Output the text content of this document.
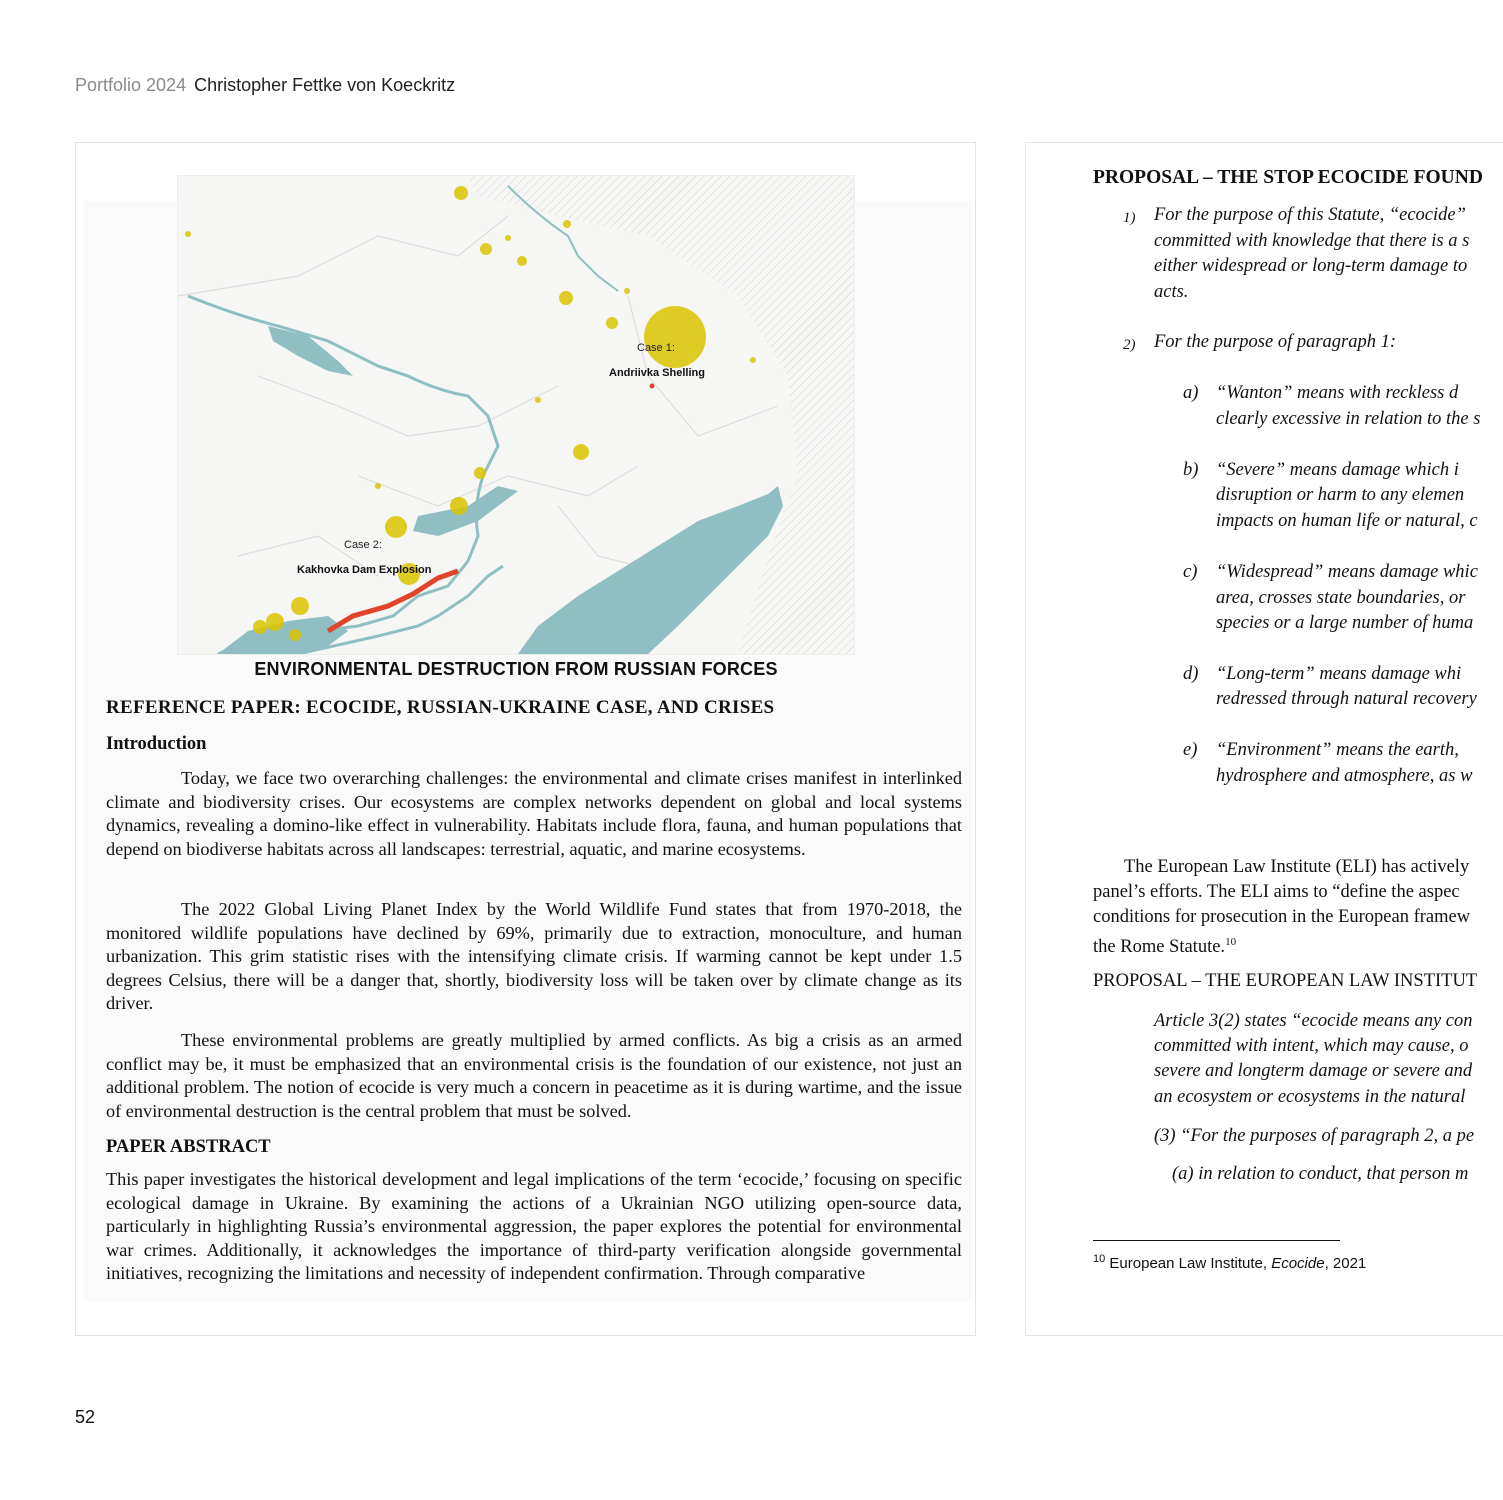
Portfolio 2024 Christopher Fettke von Koeckritz
Case 1:
Andriivka Shelling
Case 2:
Kakhovka Dam Explosion
ENVIRONMENTAL DESTRUCTION FROM RUSSIAN FORCES
REFERENCE PAPER: ECOCIDE, RUSSIAN-UKRAINE CASE, AND CRISES
Introduction

Today, we face two overarching challenges: the environmental and climate crises manifest in interlinked climate and biodiversity crises. Our ecosystems are complex networks dependent on global and local systems dynamics, revealing a domino-like effect in vulnerability. Habitats include flora, fauna, and human populations that depend on biodiverse habitats across all landscapes: terrestrial, aquatic, and marine ecosystems.

The 2022 Global Living Planet Index by the World Wildlife Fund states that from 1970-2018, the monitored wildlife populations have declined by 69%, primarily due to extraction, monoculture, and human urbanization. This grim statistic rises with the intensifying climate crisis. If warming cannot be kept under 1.5 degrees Celsius, there will be a danger that, shortly, biodiversity loss will be taken over by climate change as its driver.

These environmental problems are greatly multiplied by armed conflicts. As big a crisis as an armed conflict may be, it must be emphasized that an environmental crisis is the foundation of our existence, not just an additional problem. The notion of ecocide is very much a concern in peacetime as it is during wartime, and the issue of environmental destruction is the central problem that must be solved.

PAPER ABSTRACT

This paper investigates the historical development and legal implications of the term ‘ecocide,’ focusing on specific ecological damage in Ukraine. By examining the actions of a Ukrainian NGO utilizing open-source data, particularly in highlighting Russia’s environmental aggression, the paper explores the potential for environmental war crimes. Additionally, it acknowledges the importance of third-party verification alongside governmental initiatives, recognizing the limitations and necessity of independent confirmation. Through comparative

PROPOSAL – THE STOP ECOCIDE FOUND
1) For the purpose of this Statute, “ecocide”
committed with knowledge that there is a s
either widespread or long-term damage to
acts.
2) For the purpose of paragraph 1:
a) “Wanton” means with reckless d
clearly excessive in relation to the s
b) “Severe” means damage which i
disruption or harm to any elemen
impacts on human life or natural, c
c) “Widespread” means damage whic
area, crosses state boundaries, or
species or a large number of huma
d) “Long-term” means damage whi
redressed through natural recovery
e) “Environment” means the earth,
hydrosphere and atmosphere, as w
The European Law Institute (ELI) has actively
panel’s efforts. The ELI aims to “define the aspec
conditions for prosecution in the European framew
the Rome Statute.$^{10}$
PROPOSAL – THE EUROPEAN LAW INSTITUT
Article 3(2) states “ecocide means any con
committed with intent, which may cause, o
severe and longterm damage or severe and
an ecosystem or ecosystems in the natural
(3) “For the purposes of paragraph 2, a pe
(a) in relation to conduct, that person m
$^{10}$ European Law Institute, Ecocide, 2021
52
